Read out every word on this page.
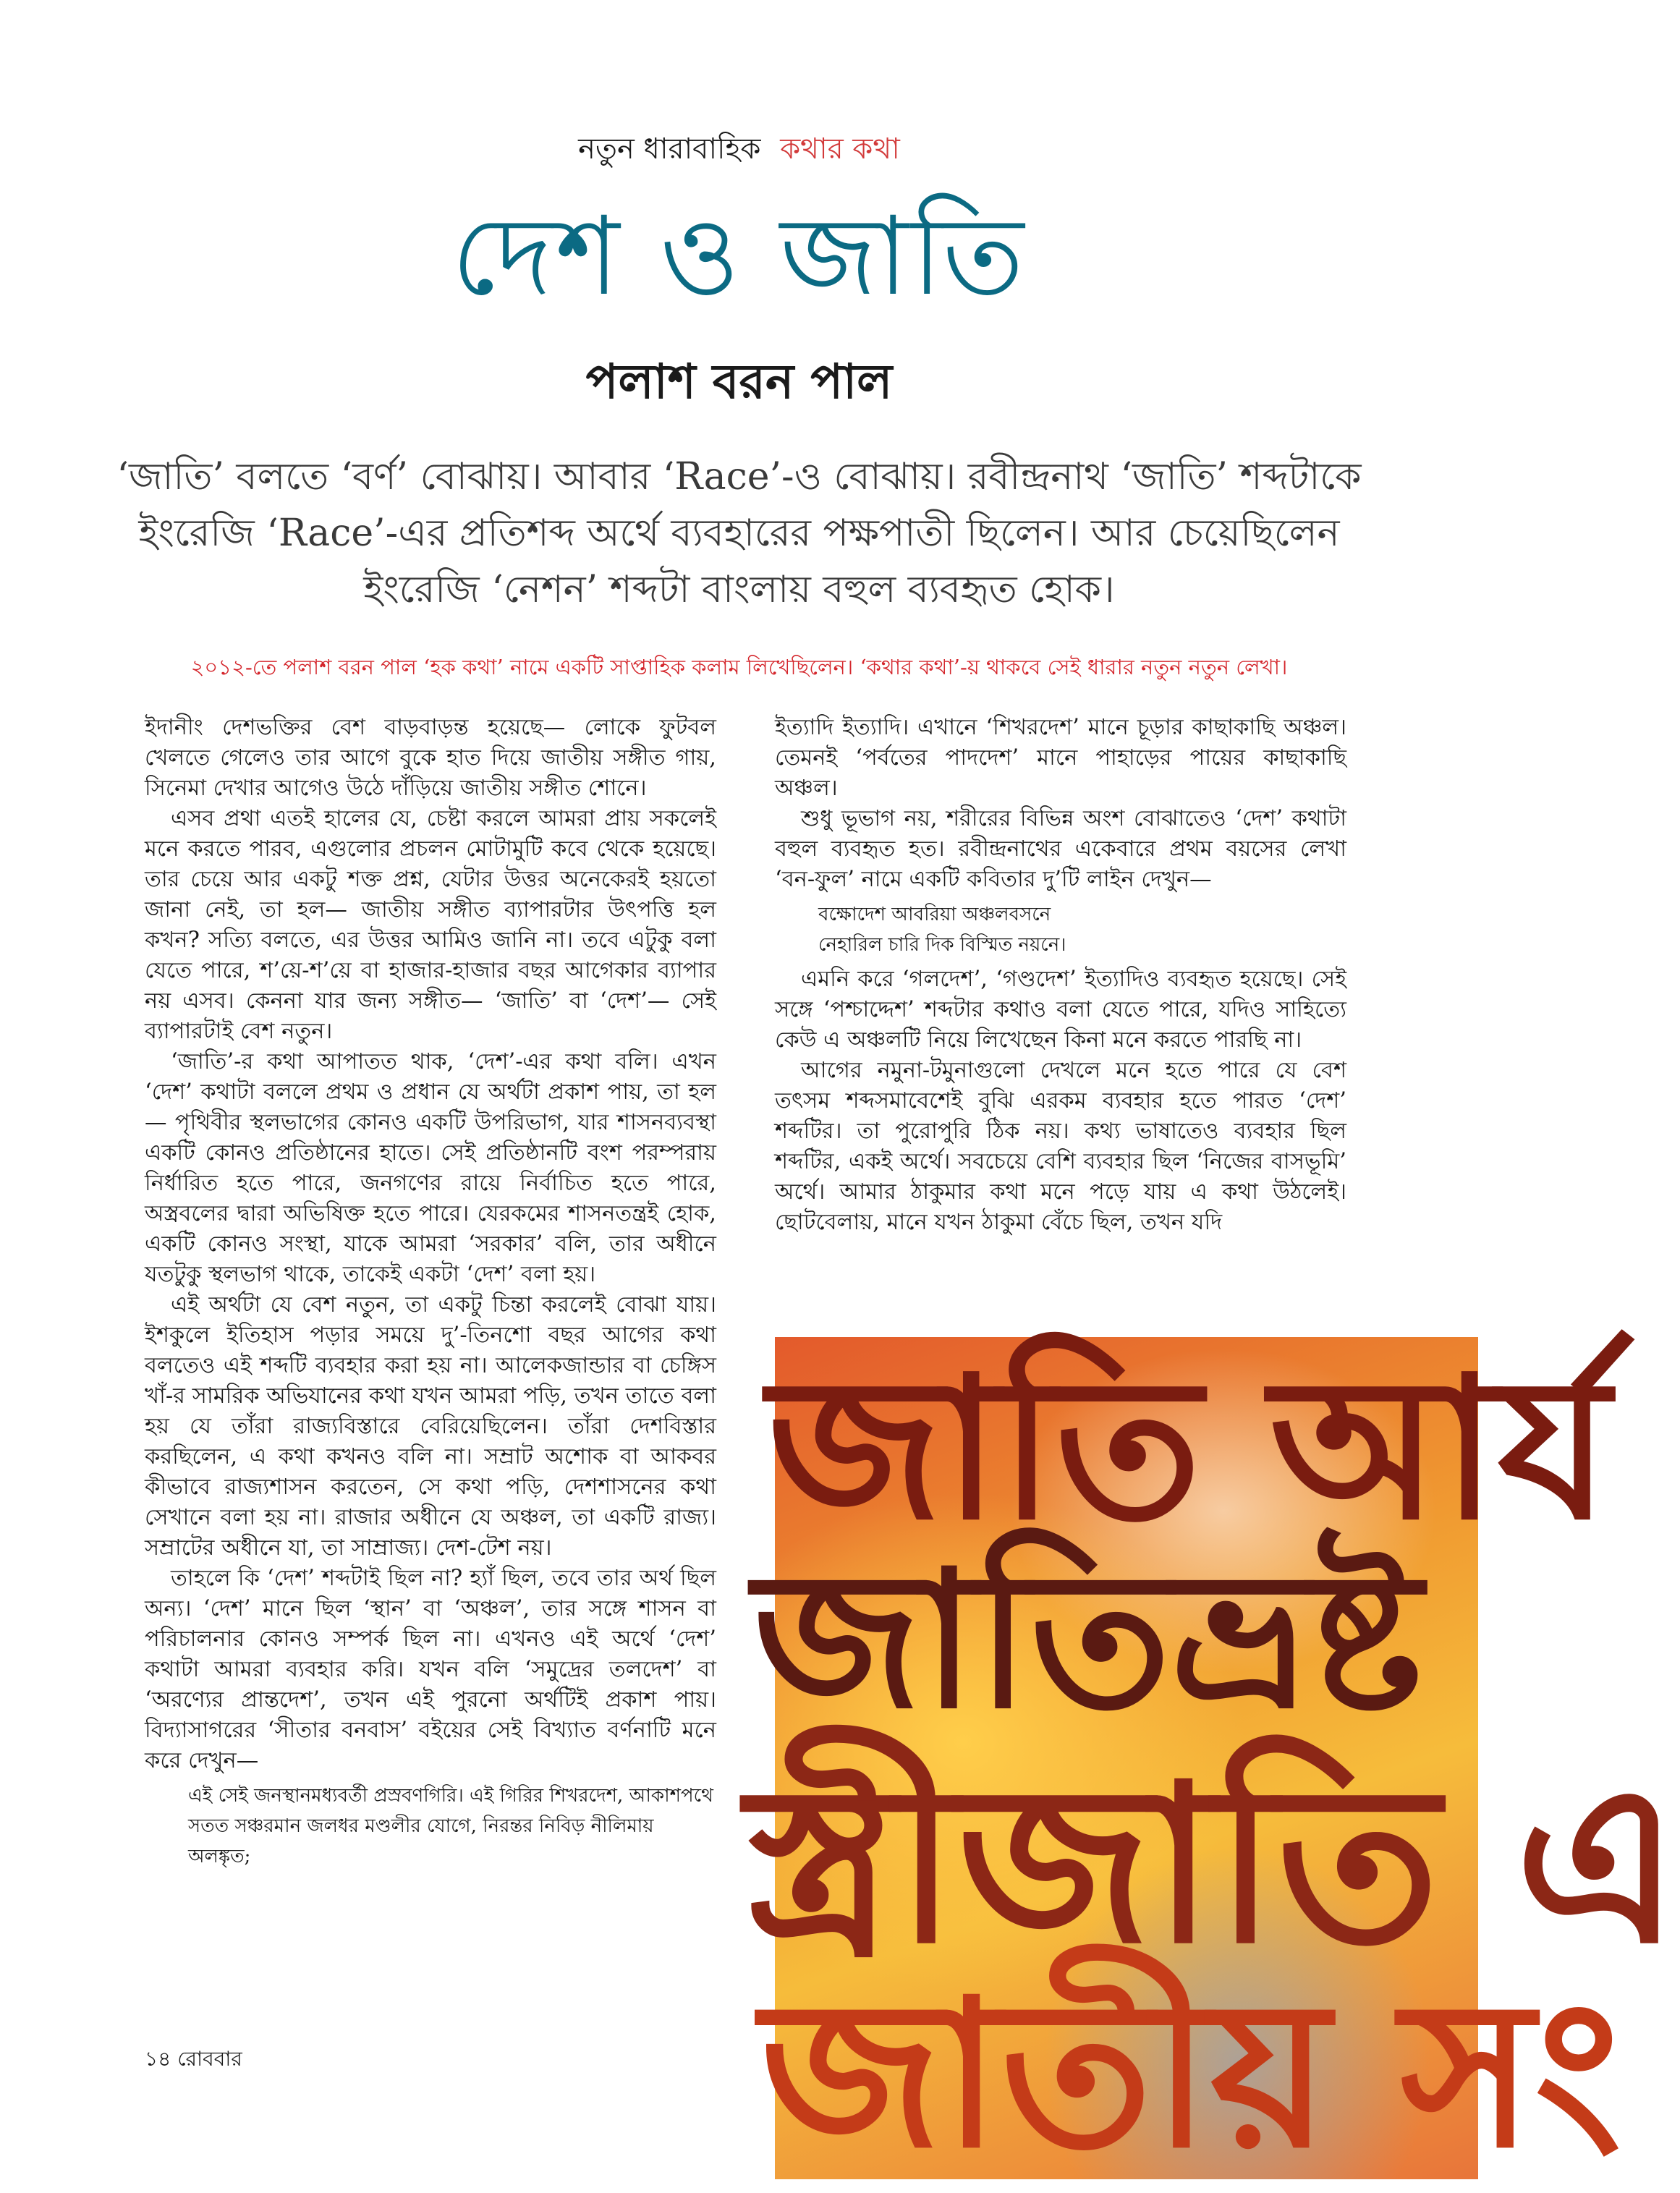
নতুন ধারাবাহিক কথার কথা
দেশ ও জাতি
পলাশ বরন পাল
‘জাতি’ বলতে ‘বর্ণ’ বোঝায়। আবার ‘Race’-ও বোঝায়। রবীন্দ্রনাথ ‘জাতি’ শব্দটাকে ইংরেজি ‘Race’-এর প্রতিশব্দ অর্থে ব্যবহারের পক্ষপাতী ছিলেন। আর চেয়েছিলেন ইংরেজি ‘নেশন’ শব্দটা বাংলায় বহুল ব্যবহৃত হোক।
২০১২-তে পলাশ বরন পাল ‘হক কথা’ নামে একটি সাপ্তাহিক কলাম লিখেছিলেন। ‘কথার কথা’-য় থাকবে সেই ধারার নতুন নতুন লেখা।

ইদানীং দেশভক্তির বেশ বাড়বাড়ন্ত হয়েছে— লোকে ফুটবল খেলতে গেলেও তার আগে বুকে হাত দিয়ে জাতীয় সঙ্গীত গায়, সিনেমা দেখার আগেও উঠে দাঁড়িয়ে জাতীয় সঙ্গীত শোনে।

এসব প্রথা এতই হালের যে, চেষ্টা করলে আমরা প্রায় সকলেই মনে করতে পারব, এগুলোর প্রচলন মোটামুটি কবে থেকে হয়েছে। তার চেয়ে আর একটু শক্ত প্রশ্ন, যেটার উত্তর অনেকেরই হয়তো জানা নেই, তা হল— জাতীয় সঙ্গীত ব্যাপারটার উৎপত্তি হল কখন? সত্যি বলতে, এর উত্তর আমিও জানি না। তবে এটুকু বলা যেতে পারে, শ’য়ে-শ’য়ে বা হাজার-হাজার বছর আগেকার ব্যাপার নয় এসব। কেননা যার জন্য সঙ্গীত— ‘জাতি’ বা ‘দেশ’— সেই ব্যাপারটাই বেশ নতুন।

‘জাতি’-র কথা আপাতত থাক, ‘দেশ’-এর কথা বলি। এখন ‘দেশ’ কথাটা বললে প্রথম ও প্রধান যে অর্থটা প্রকাশ পায়, তা হল— পৃথিবীর স্থলভাগের কোনও একটি উপরিভাগ, যার শাসনব্যবস্থা একটি কোনও প্রতিষ্ঠানের হাতে। সেই প্রতিষ্ঠানটি বংশ পরম্পরায় নির্ধারিত হতে পারে, জনগণের রায়ে নির্বাচিত হতে পারে, অস্ত্রবলের দ্বারা অভিষিক্ত হতে পারে। যেরকমের শাসনতন্ত্রই হোক, একটি কোনও সংস্থা, যাকে আমরা ‘সরকার’ বলি, তার অধীনে যতটুকু স্থলভাগ থাকে, তাকেই একটা ‘দেশ’ বলা হয়।

এই অর্থটা যে বেশ নতুন, তা একটু চিন্তা করলেই বোঝা যায়। ইশকুলে ইতিহাস পড়ার সময়ে দু’-তিনশো বছর আগের কথা বলতেও এই শব্দটি ব্যবহার করা হয় না। আলেকজান্ডার বা চেঙ্গিস খাঁ-র সামরিক অভিযানের কথা যখন আমরা পড়ি, তখন তাতে বলা হয় যে তাঁরা রাজ্যবিস্তারে বেরিয়েছিলেন। তাঁরা দেশবিস্তার করছিলেন, এ কথা কখনও বলি না। সম্রাট অশোক বা আকবর কীভাবে রাজ্যশাসন করতেন, সে কথা পড়ি, দেশশাসনের কথা সেখানে বলা হয় না। রাজার অধীনে যে অঞ্চল, তা একটি রাজ্য। সম্রাটের অধীনে যা, তা সাম্রাজ্য। দেশ-টেশ নয়।

তাহলে কি ‘দেশ’ শব্দটাই ছিল না? হ্যাঁ ছিল, তবে তার অর্থ ছিল অন্য। ‘দেশ’ মানে ছিল ‘স্থান’ বা ‘অঞ্চল’, তার সঙ্গে শাসন বা পরিচালনার কোনও সম্পর্ক ছিল না। এখনও এই অর্থে ‘দেশ’ কথাটা আমরা ব্যবহার করি। যখন বলি ‘সমুদ্রের তলদেশ’ বা ‘অরণ্যের প্রান্তদেশ’, তখন এই পুরনো অর্থটিই প্রকাশ পায়। বিদ্যাসাগরের ‘সীতার বনবাস’ বইয়ের সেই বিখ্যাত বর্ণনাটি মনে করে দেখুন—

এই সেই জনস্থানমধ্যবর্তী প্রস্রবণগিরি। এই গিরির শিখরদেশ, আকাশপথে সতত সঞ্চরমান জলধর মণ্ডলীর যোগে, নিরন্তর নিবিড় নীলিমায় অলঙ্কৃত;

ইত্যাদি ইত্যাদি। এখানে ‘শিখরদেশ’ মানে চূড়ার কাছাকাছি অঞ্চল। তেমনই ‘পর্বতের পাদদেশ’ মানে পাহাড়ের পায়ের কাছাকাছি অঞ্চল।

শুধু ভূভাগ নয়, শরীরের বিভিন্ন অংশ বোঝাতেও ‘দেশ’ কথাটা বহুল ব্যবহৃত হত। রবীন্দ্রনাথের একেবারে প্রথম বয়সের লেখা ‘বন-ফুল’ নামে একটি কবিতার দু’টি লাইন দেখুন—

বক্ষোদেশ আবরিয়া অঞ্চলবসনে
নেহারিল চারি দিক বিস্মিত নয়নে।

এমনি করে ‘গলদেশ’, ‘গণ্ডদেশ’ ইত্যাদিও ব্যবহৃত হয়েছে। সেই সঙ্গে ‘পশ্চাদ্দেশ’ শব্দটার কথাও বলা যেতে পারে, যদিও সাহিত্যে কেউ এ অঞ্চলটি নিয়ে লিখেছেন কিনা মনে করতে পারছি না।

আগের নমুনা-টমুনাগুলো দেখলে মনে হতে পারে যে বেশ তৎসম শব্দসমাবেশেই বুঝি এরকম ব্যবহার হতে পারত ‘দেশ’ শব্দটির। তা পুরোপুরি ঠিক নয়। কথ্য ভাষাতেও ব্যবহার ছিল শব্দটির, একই অর্থে। সবচেয়ে বেশি ব্যবহার ছিল ‘নিজের বাসভূমি’ অর্থে। আমার ঠাকুমার কথা মনে পড়ে যায় এ কথা উঠলেই। ছোটবেলায়, মানে যখন ঠাকুমা বেঁচে ছিল, তখন যদি

জাতি আর্য
জাতিভ্রষ্ট
স্ত্রীজাতি এ
জাতীয় সং
১৪ রোববার
